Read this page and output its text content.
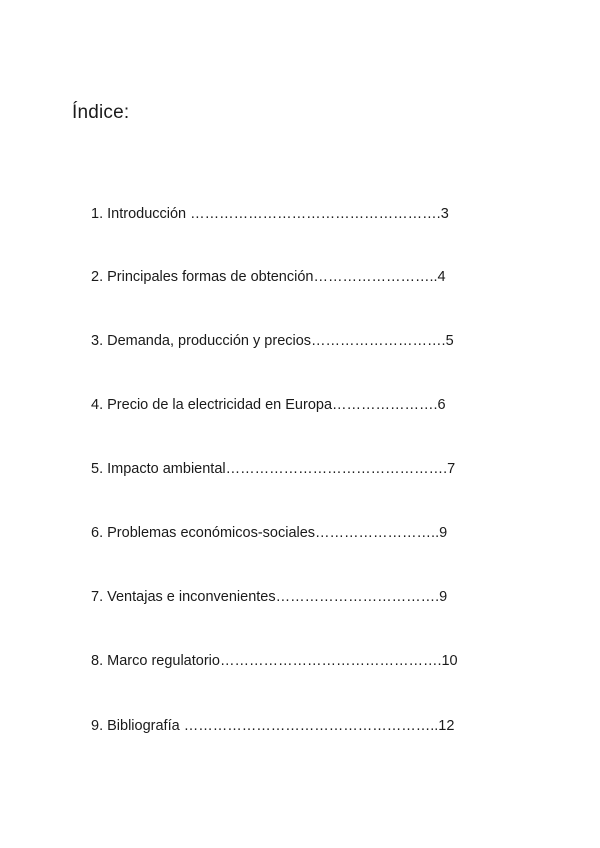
Índice:
1. Introducción …………………………………………….3
2. Principales formas de obtención……………………..4
3. Demanda, producción y precios……………………….5
4. Precio de la electricidad en Europa………………….6
5. Impacto ambiental……………………………………….7
6. Problemas económicos-sociales……………………..9
7. Ventajas e inconvenientes…………………………….9
8. Marco regulatorio……………………………………….10
9. Bibliografía ……………………………………………..12
